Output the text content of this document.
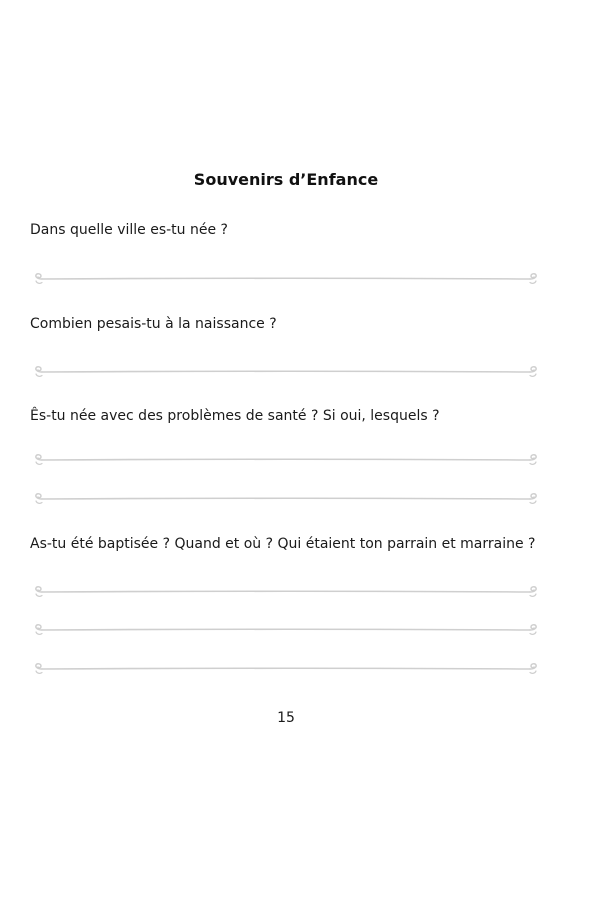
Souvenirs d’Enfance
Dans quelle ville es-tu née ?
Combien pesais-tu à la naissance ?
Ês-tu née avec des problèmes de santé ? Si oui, lesquels ?
As-tu été baptisée ? Quand et où ? Qui étaient ton parrain et marraine ?
15
